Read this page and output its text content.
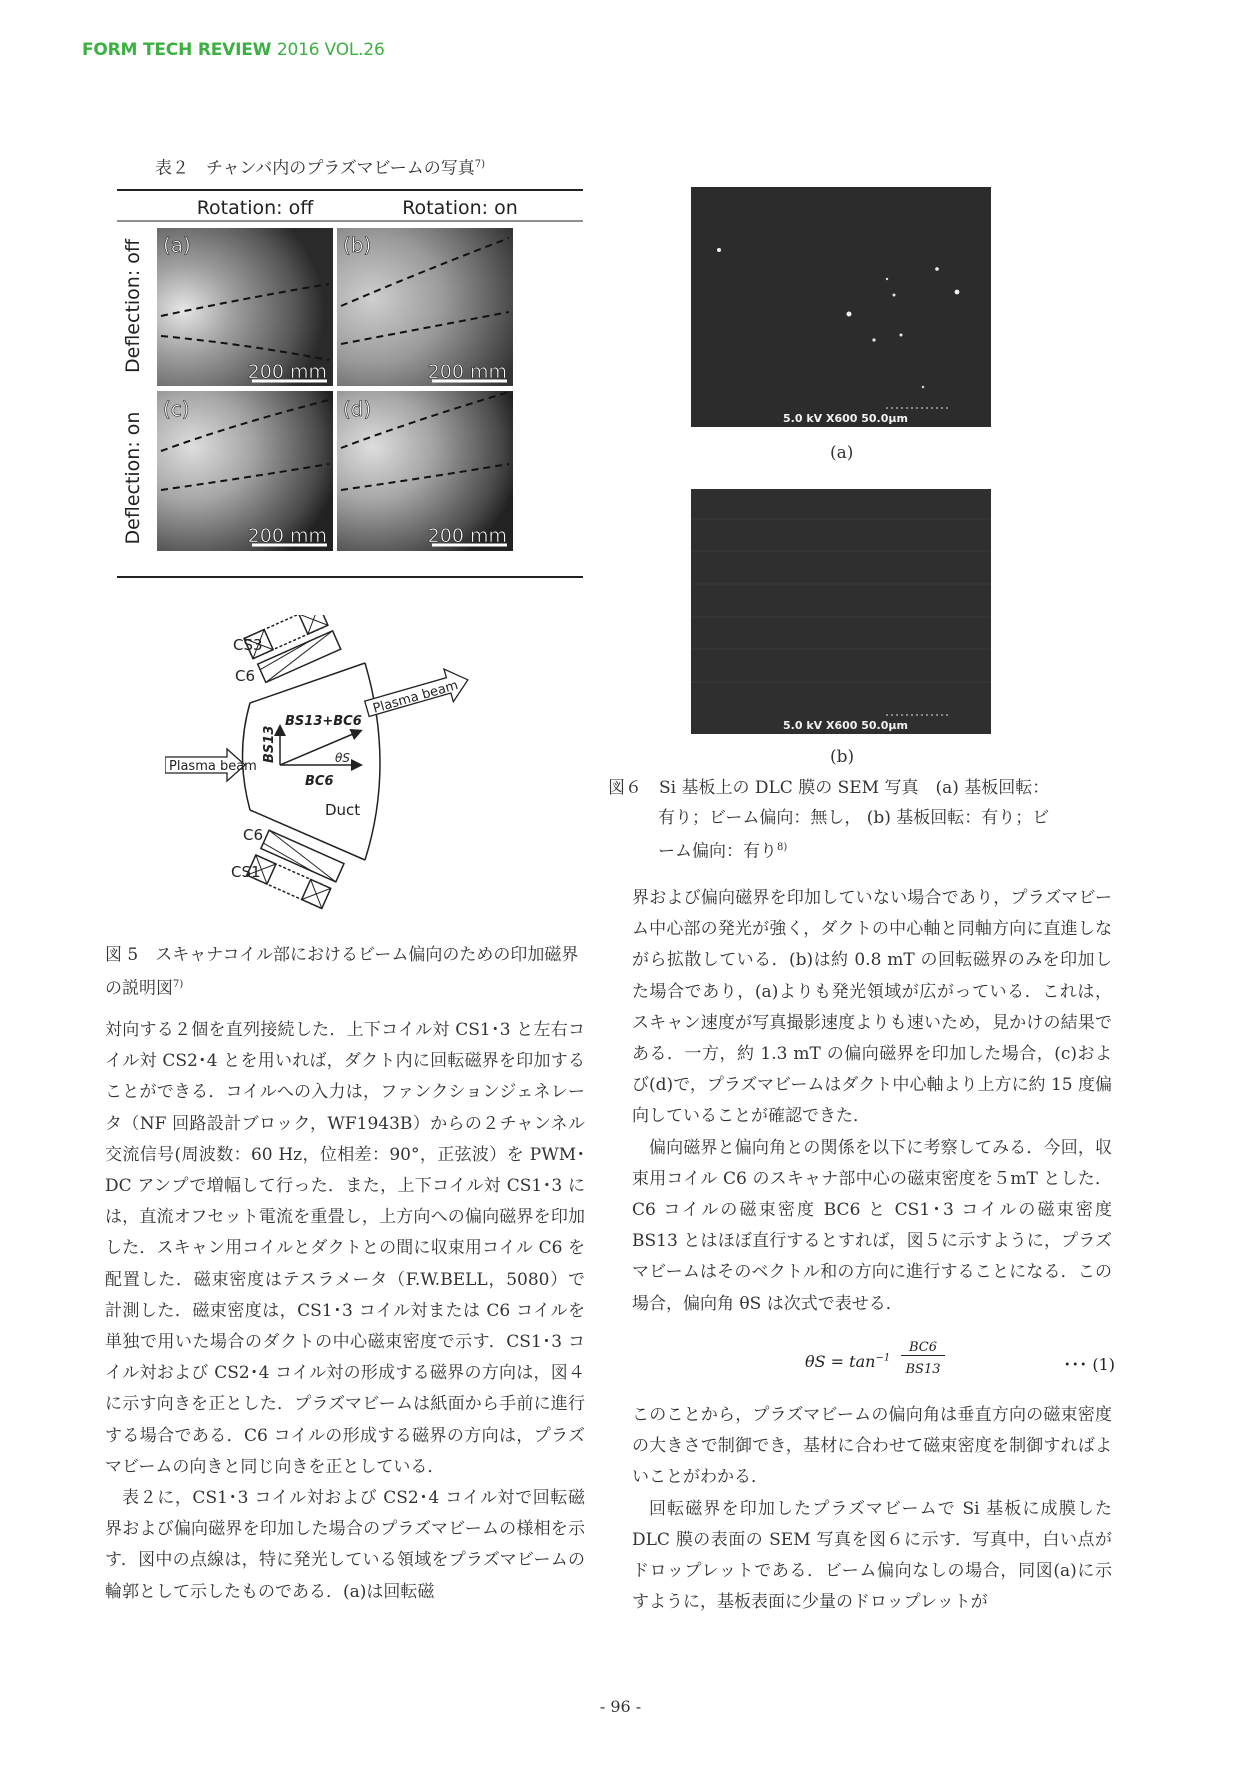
FORM TECH REVIEW 2016 VOL.26
表２　チャンバ内のプラズマビームの写真$^{7)}$
Rotation: off	Rotation: on
Deflection: off
Deflection: on
(a)
200 mm
(b)
200 mm
(c)
200 mm
(d)
200 mm
CS3
C6
Duct
Plasma beam
Plasma beam
BS13
BS13+BC6
BC6
θS
C6
CS1
図 5　スキャナコイル部におけるビーム偏向のための印加磁界の説明図$^{7)}$
5.0 kV X600 50.0μm
(a)
5.0 kV X600 50.0μm
(b)
図６　Si 基板上の DLC 膜の SEM 写真　(a) 基板回転：
有り；ビーム偏向：無し， (b) 基板回転：有り；ビ
ーム偏向：有り$^{8)}$

対向する２個を直列接続した．上下コイル対 CS1･3 と左右コイル対 CS2･4 とを用いれば，ダクト内に回転磁界を印加することができる．コイルへの入力は，ファンクションジェネレータ（NF 回路設計ブロック，WF1943B）からの２チャンネル交流信号(周波数：60 Hz，位相差：90°，正弦波）を PWM･DC アンプで増幅して行った．また，上下コイル対 CS1･3 には，直流オフセット電流を重畳し，上方向への偏向磁界を印加した．スキャン用コイルとダクトとの間に収束用コイル C6 を配置した．磁束密度はテスラメータ（F.W.BELL，5080）で計測した．磁束密度は，CS1･3 コイル対または C6 コイルを単独で用いた場合のダクトの中心磁束密度で示す．CS1･3 コイル対および CS2･4 コイル対の形成する磁界の方向は，図４に示す向きを正とした．プラズマビームは紙面から手前に進行する場合である．C6 コイルの形成する磁界の方向は，プラズマビームの向きと同じ向きを正としている．

表２に，CS1･3 コイル対および CS2･4 コイル対で回転磁界および偏向磁界を印加した場合のプラズマビームの様相を示す．図中の点線は，特に発光している領域をプラズマビームの輪郭として示したものである．(a)は回転磁

界および偏向磁界を印加していない場合であり，プラズマビーム中心部の発光が強く，ダクトの中心軸と同軸方向に直進しながら拡散している．(b)は約 0.8 mT の回転磁界のみを印加した場合であり，(a)よりも発光領域が広がっている．これは，スキャン速度が写真撮影速度よりも速いため，見かけの結果である．一方，約 1.3 mT の偏向磁界を印加した場合，(c)および(d)で，プラズマビームはダクト中心軸より上方に約 15 度偏向していることが確認できた．

偏向磁界と偏向角との関係を以下に考察してみる．今回，収束用コイル C6 のスキャナ部中心の磁束密度を５mT とした．C6 コイルの磁束密度 BC6 と CS1･3 コイルの磁束密度 BS13 とはほぼ直行するとすれば，図５に示すように，プラズマビームはそのベクトル和の方向に進行することになる．この場合，偏向角 θS は次式で表せる．

$\theta S = \tan^{-1}$
BC6
BS13	･･･ (1)

このことから，プラズマビームの偏向角は垂直方向の磁束密度の大きさで制御でき，基材に合わせて磁束密度を制御すればよいことがわかる．

回転磁界を印加したプラズマビームで Si 基板に成膜した DLC 膜の表面の SEM 写真を図６に示す．写真中，白い点がドロップレットである．ビーム偏向なしの場合，同図(a)に示すように，基板表面に少量のドロップレットが

- 96 -
